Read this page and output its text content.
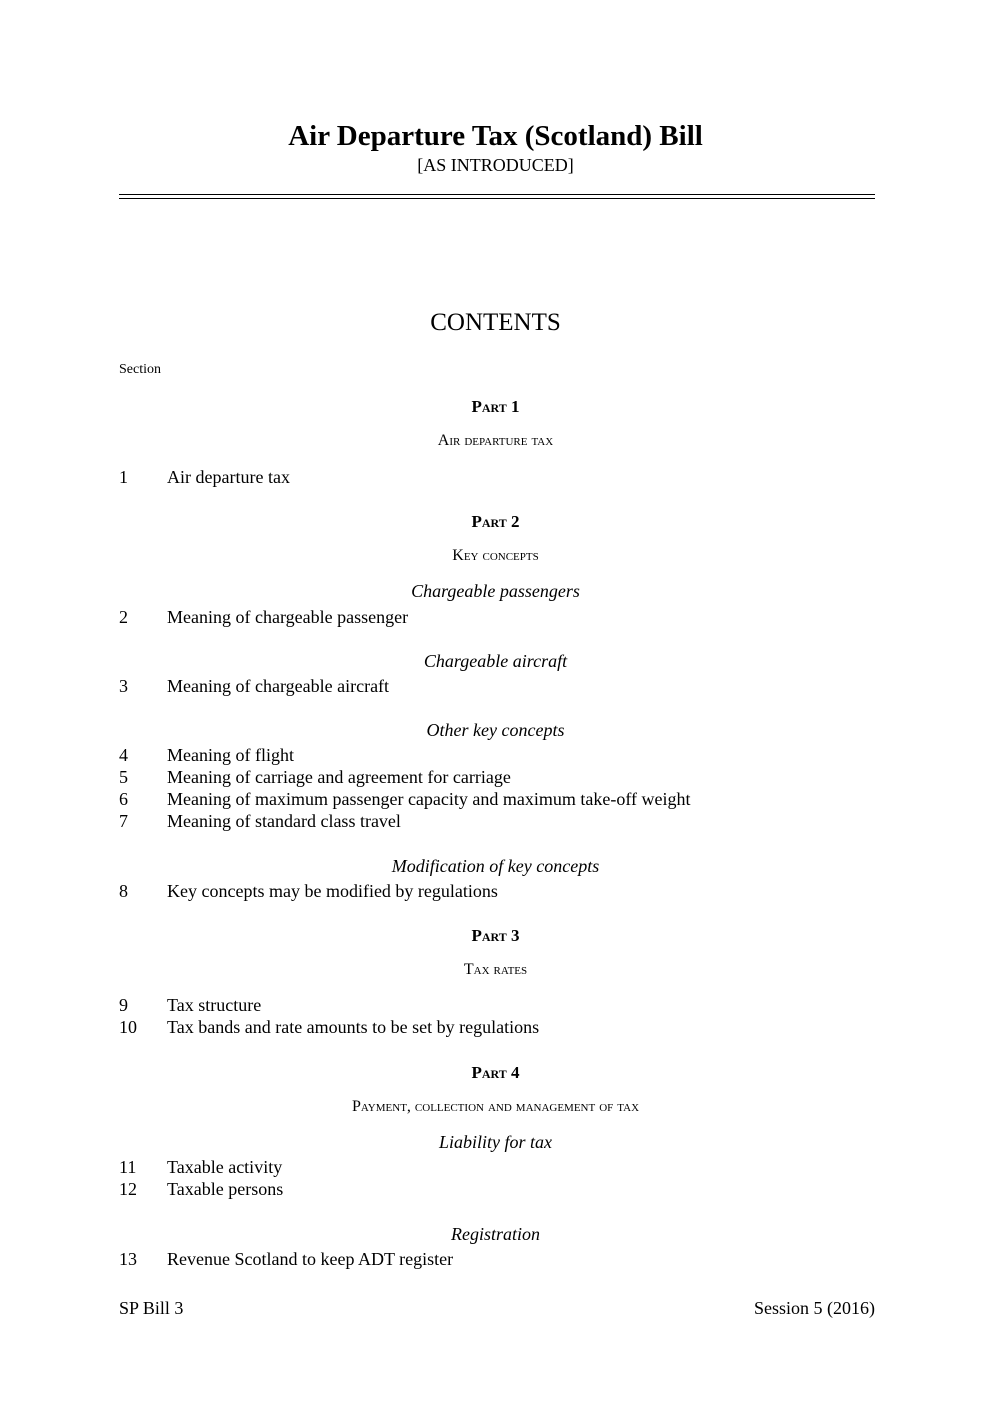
Air Departure Tax (Scotland) Bill
[AS INTRODUCED]
CONTENTS
Section
Part 1
Air departure tax
1 Air departure tax
Part 2
Key concepts
Chargeable passengers
2 Meaning of chargeable passenger
Chargeable aircraft
3 Meaning of chargeable aircraft
Other key concepts
4 Meaning of flight
5 Meaning of carriage and agreement for carriage
6 Meaning of maximum passenger capacity and maximum take-off weight
7 Meaning of standard class travel
Modification of key concepts
8 Key concepts may be modified by regulations
Part 3
Tax rates
9 Tax structure
10 Tax bands and rate amounts to be set by regulations
Part 4
Payment, collection and management of tax
Liability for tax
11 Taxable activity
12 Taxable persons
Registration
13 Revenue Scotland to keep ADT register
SP Bill 3	Session 5 (2016)
